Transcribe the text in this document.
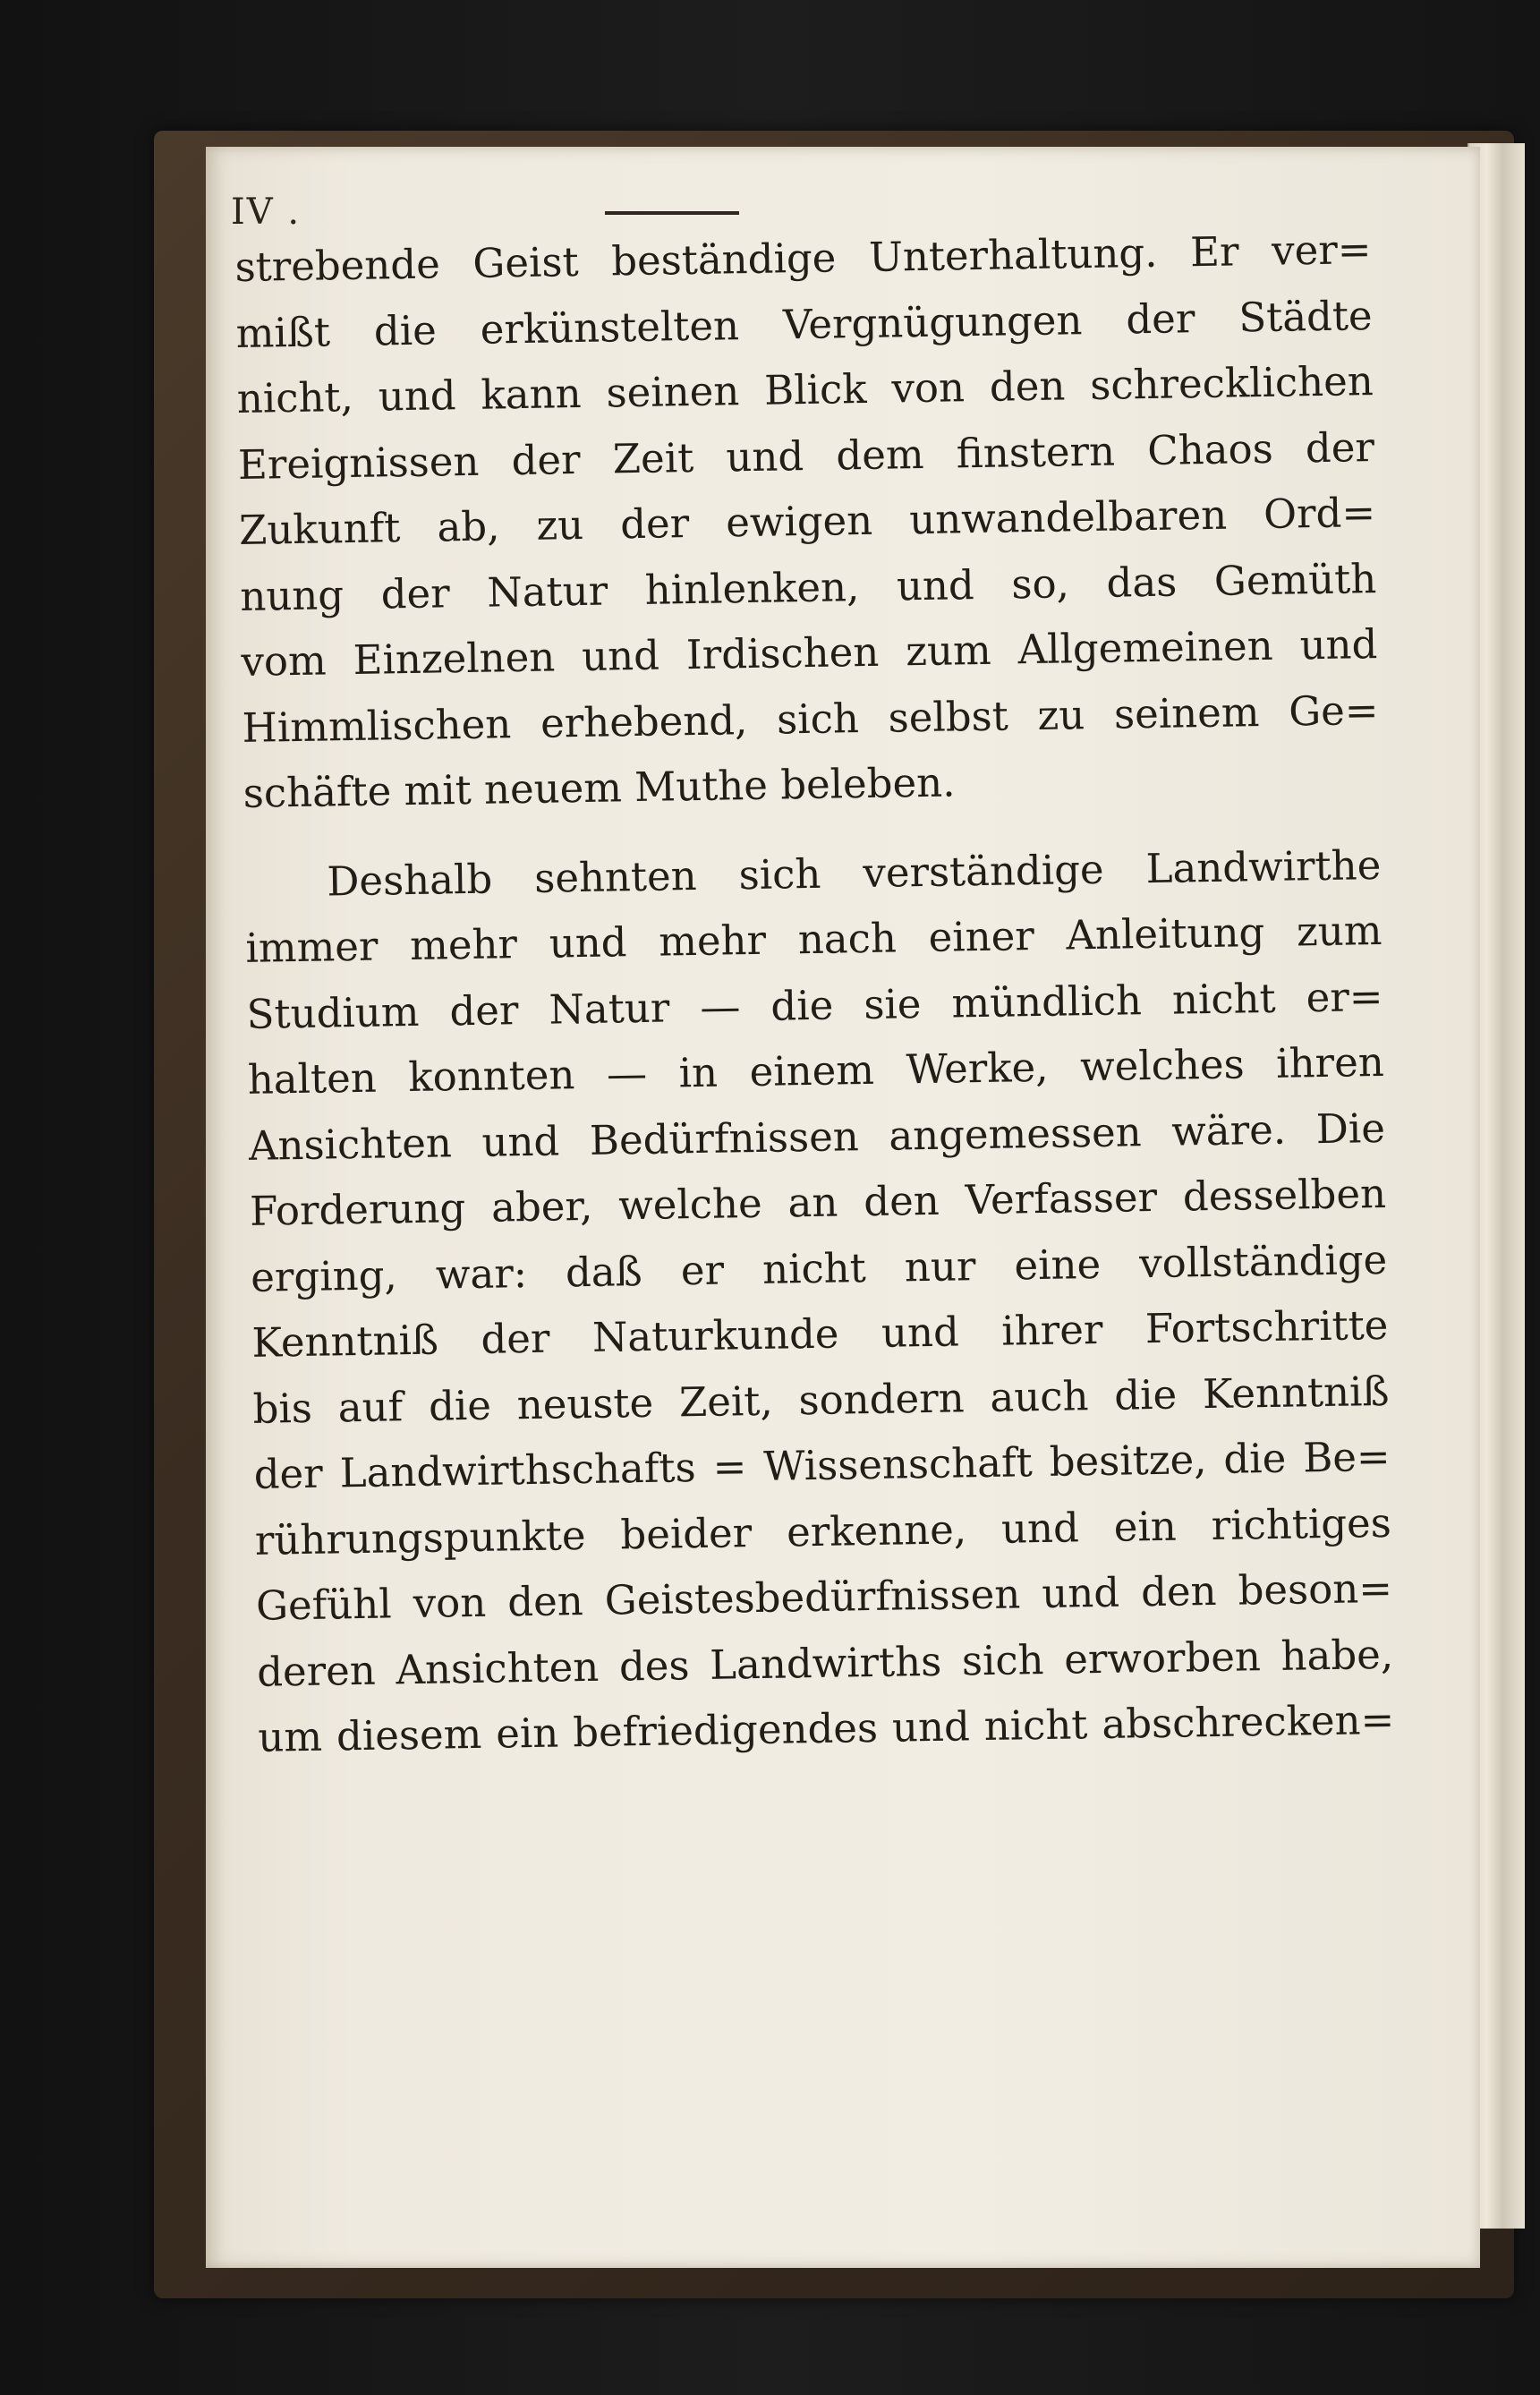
IV .
strebende Geist beständige Unterhaltung. Er ver=
mißt die erkünstelten Vergnügungen der Städte
nicht, und kann seinen Blick von den schrecklichen
Ereignissen der Zeit und dem finstern Chaos der
Zukunft ab, zu der ewigen unwandelbaren Ord=
nung der Natur hinlenken, und so, das Gemüth
vom Einzelnen und Irdischen zum Allgemeinen und
Himmlischen erhebend, sich selbst zu seinem Ge=
schäfte mit neuem Muthe beleben.
Deshalb sehnten sich verständige Landwirthe
immer mehr und mehr nach einer Anleitung zum
Studium der Natur — die sie mündlich nicht er=
halten konnten — in einem Werke, welches ihren
Ansichten und Bedürfnissen angemessen wäre. Die
Forderung aber, welche an den Verfasser desselben
erging, war: daß er nicht nur eine vollständige
Kenntniß der Naturkunde und ihrer Fortschritte
bis auf die neuste Zeit, sondern auch die Kenntniß
der Landwirthschafts = Wissenschaft besitze, die Be=
rührungspunkte beider erkenne, und ein richtiges
Gefühl von den Geistesbedürfnissen und den beson=
deren Ansichten des Landwirths sich erworben habe,
um diesem ein befriedigendes und nicht abschrecken=
